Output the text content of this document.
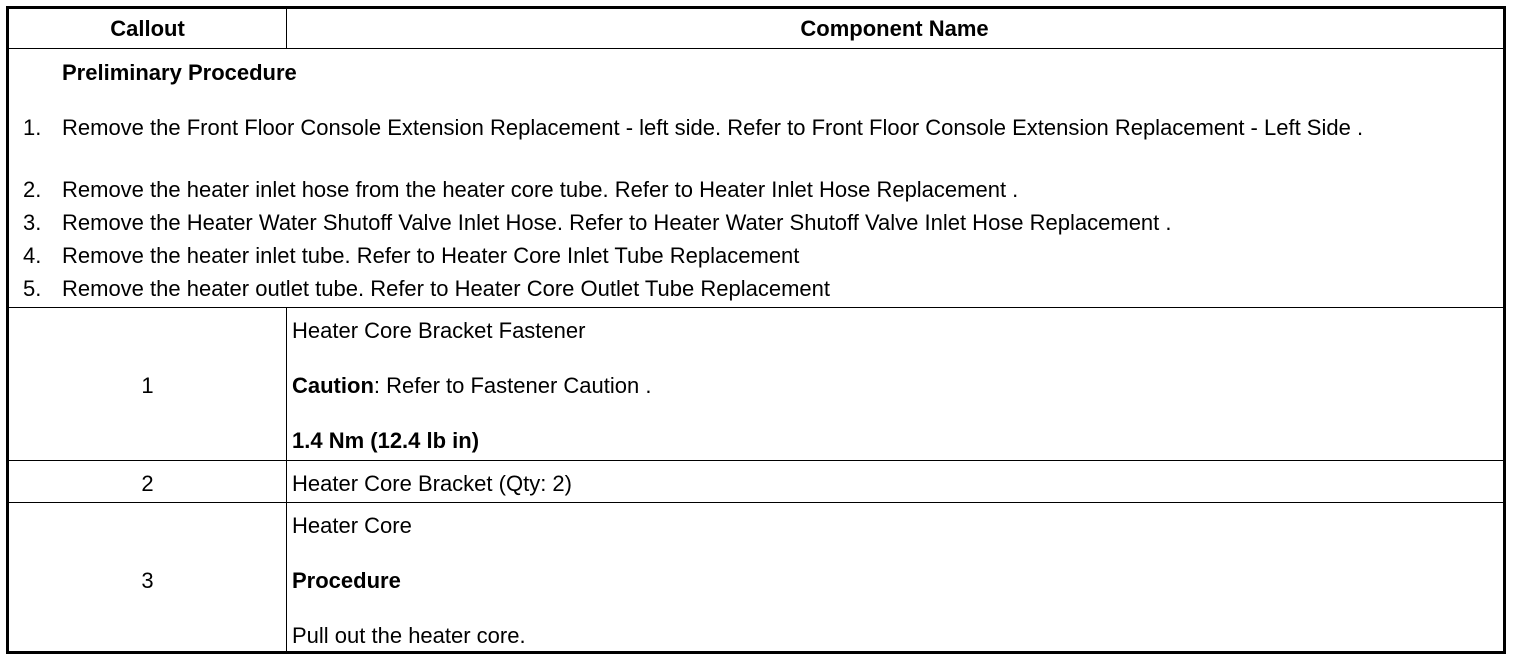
Callout	Component Name
Preliminary Procedure
1. Remove the Front Floor Console Extension Replacement - left side. Refer to Front Floor Console Extension Replacement - Left Side .
2. Remove the heater inlet hose from the heater core tube. Refer to Heater Inlet Hose Replacement .
3. Remove the Heater Water Shutoff Valve Inlet Hose. Refer to Heater Water Shutoff Valve Inlet Hose Replacement .
4. Remove the heater inlet tube. Refer to Heater Core Inlet Tube Replacement
5. Remove the heater outlet tube. Refer to Heater Core Outlet Tube Replacement
1
Heater Core Bracket Fastener
Caution: Refer to Fastener Caution .
1.4 Nm (12.4 lb in)
2	Heater Core Bracket (Qty: 2)
3
Heater Core
Procedure
Pull out the heater core.
